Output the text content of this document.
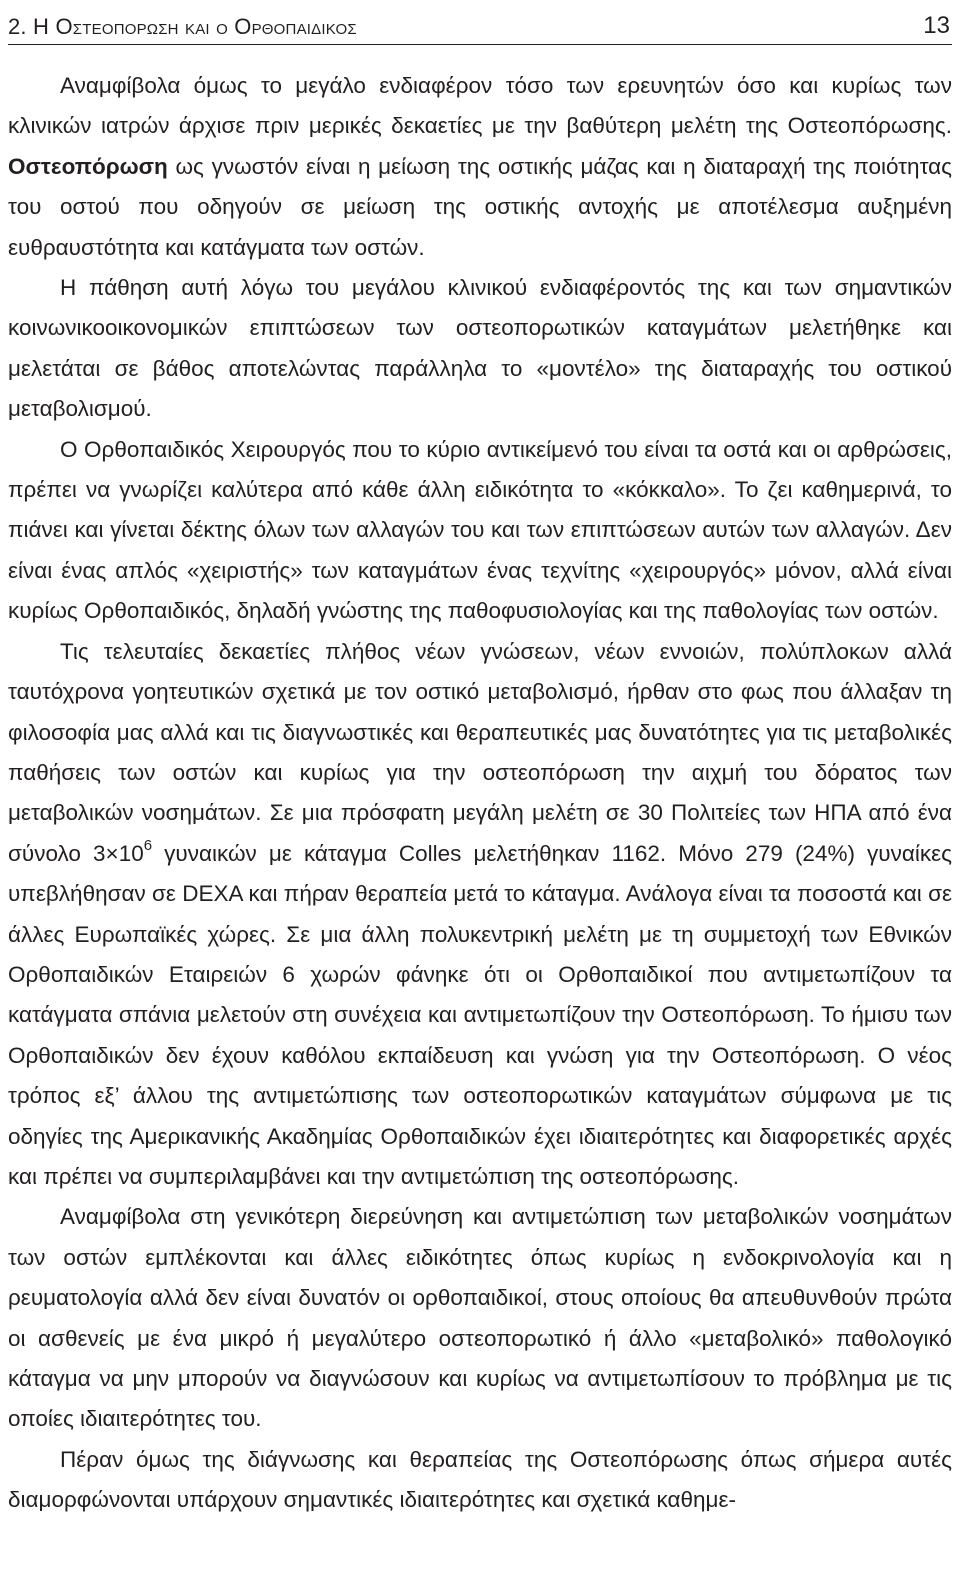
2. Η Οστεοπορωση και ο Ορθοπαιδικος	13

Αναμφίβολα όμως το μεγάλο ενδιαφέρον τόσο των ερευνητών όσο και κυρίως των κλινικών ιατρών άρχισε πριν μερικές δεκαετίες με την βαθύτερη μελέτη της Οστεοπόρωσης. Οστεοπόρωση ως γνωστόν είναι η μείωση της οστικής μάζας και η διαταραχή της ποιότητας του οστού που οδηγούν σε μείωση της οστικής αντοχής με αποτέλεσμα αυξημένη ευθραυστότητα και κατάγματα των οστών.

Η πάθηση αυτή λόγω του μεγάλου κλινικού ενδιαφέροντός της και των σημαντικών κοινωνικοοικονομικών επιπτώσεων των οστεοπορωτικών καταγμάτων μελετήθηκε και μελετάται σε βάθος αποτελώντας παράλληλα το «μοντέλο» της διαταραχής του οστικού μεταβολισμού.

Ο Ορθοπαιδικός Χειρουργός που το κύριο αντικείμενό του είναι τα οστά και οι αρθρώσεις, πρέπει να γνωρίζει καλύτερα από κάθε άλλη ειδικότητα το «κόκκαλο». Το ζει καθημερινά, το πιάνει και γίνεται δέκτης όλων των αλλαγών του και των επιπτώσεων αυτών των αλλαγών. Δεν είναι ένας απλός «χειριστής» των καταγμάτων ένας τεχνίτης «χειρουργός» μόνον, αλλά είναι κυρίως Ορθοπαιδικός, δηλαδή γνώστης της παθοφυσιολογίας και της παθολογίας των οστών.

Τις τελευταίες δεκαετίες πλήθος νέων γνώσεων, νέων εννοιών, πολύπλοκων αλλά ταυτόχρονα γοητευτικών σχετικά με τον οστικό μεταβολισμό, ήρθαν στο φως που άλλαξαν τη φιλοσοφία μας αλλά και τις διαγνωστικές και θεραπευτικές μας δυνατότητες για τις μεταβολικές παθήσεις των οστών και κυρίως για την οστεοπόρωση την αιχμή του δόρατος των μεταβολικών νοσημάτων. Σε μια πρόσφατη μεγάλη μελέτη σε 30 Πολιτείες των ΗΠΑ από ένα σύνολο $3\times 10^6$ γυναικών με κάταγμα Colles μελετήθηκαν 1162. Μόνο 279 (24%) γυναίκες υπεβλήθησαν σε DEXA και πήραν θεραπεία μετά το κάταγμα. Ανάλογα είναι τα ποσοστά και σε άλλες Ευρωπαϊκές χώρες. Σε μια άλλη πολυκεντρική μελέτη με τη συμμετοχή των Εθνικών Ορθοπαιδικών Εταιρειών 6 χωρών φάνηκε ότι οι Ορθοπαιδικοί που αντιμετωπίζουν τα κατάγματα σπάνια μελετούν στη συνέχεια και αντιμετωπίζουν την Οστεοπόρωση. Το ήμισυ των Ορθοπαιδικών δεν έχουν καθόλου εκπαίδευση και γνώση για την Οστεοπόρωση. Ο νέος τρόπος εξ’ άλλου της αντιμετώπισης των οστεοπορωτικών καταγμάτων σύμφωνα με τις οδηγίες της Αμερικανικής Ακαδημίας Ορθοπαιδικών έχει ιδιαιτερότητες και διαφορετικές αρχές και πρέπει να συμπεριλαμβάνει και την αντιμετώπιση της οστεοπόρωσης.

Αναμφίβολα στη γενικότερη διερεύνηση και αντιμετώπιση των μεταβολικών νοσημάτων των οστών εμπλέκονται και άλλες ειδικότητες όπως κυρίως η ενδοκρινολογία και η ρευματολογία αλλά δεν είναι δυνατόν οι ορθοπαιδικοί, στους οποίους θα απευθυνθούν πρώτα οι ασθενείς με ένα μικρό ή μεγαλύτερο οστεοπορωτικό ή άλλο «μεταβολικό» παθολογικό κάταγμα να μην μπορούν να διαγνώσουν και κυρίως να αντιμετωπίσουν το πρόβλημα με τις οποίες ιδιαιτερότητες του.

Πέραν όμως της διάγνωσης και θεραπείας της Οστεοπόρωσης όπως σήμερα αυτές διαμορφώνονται υπάρχουν σημαντικές ιδιαιτερότητες και σχετικά καθημε-
